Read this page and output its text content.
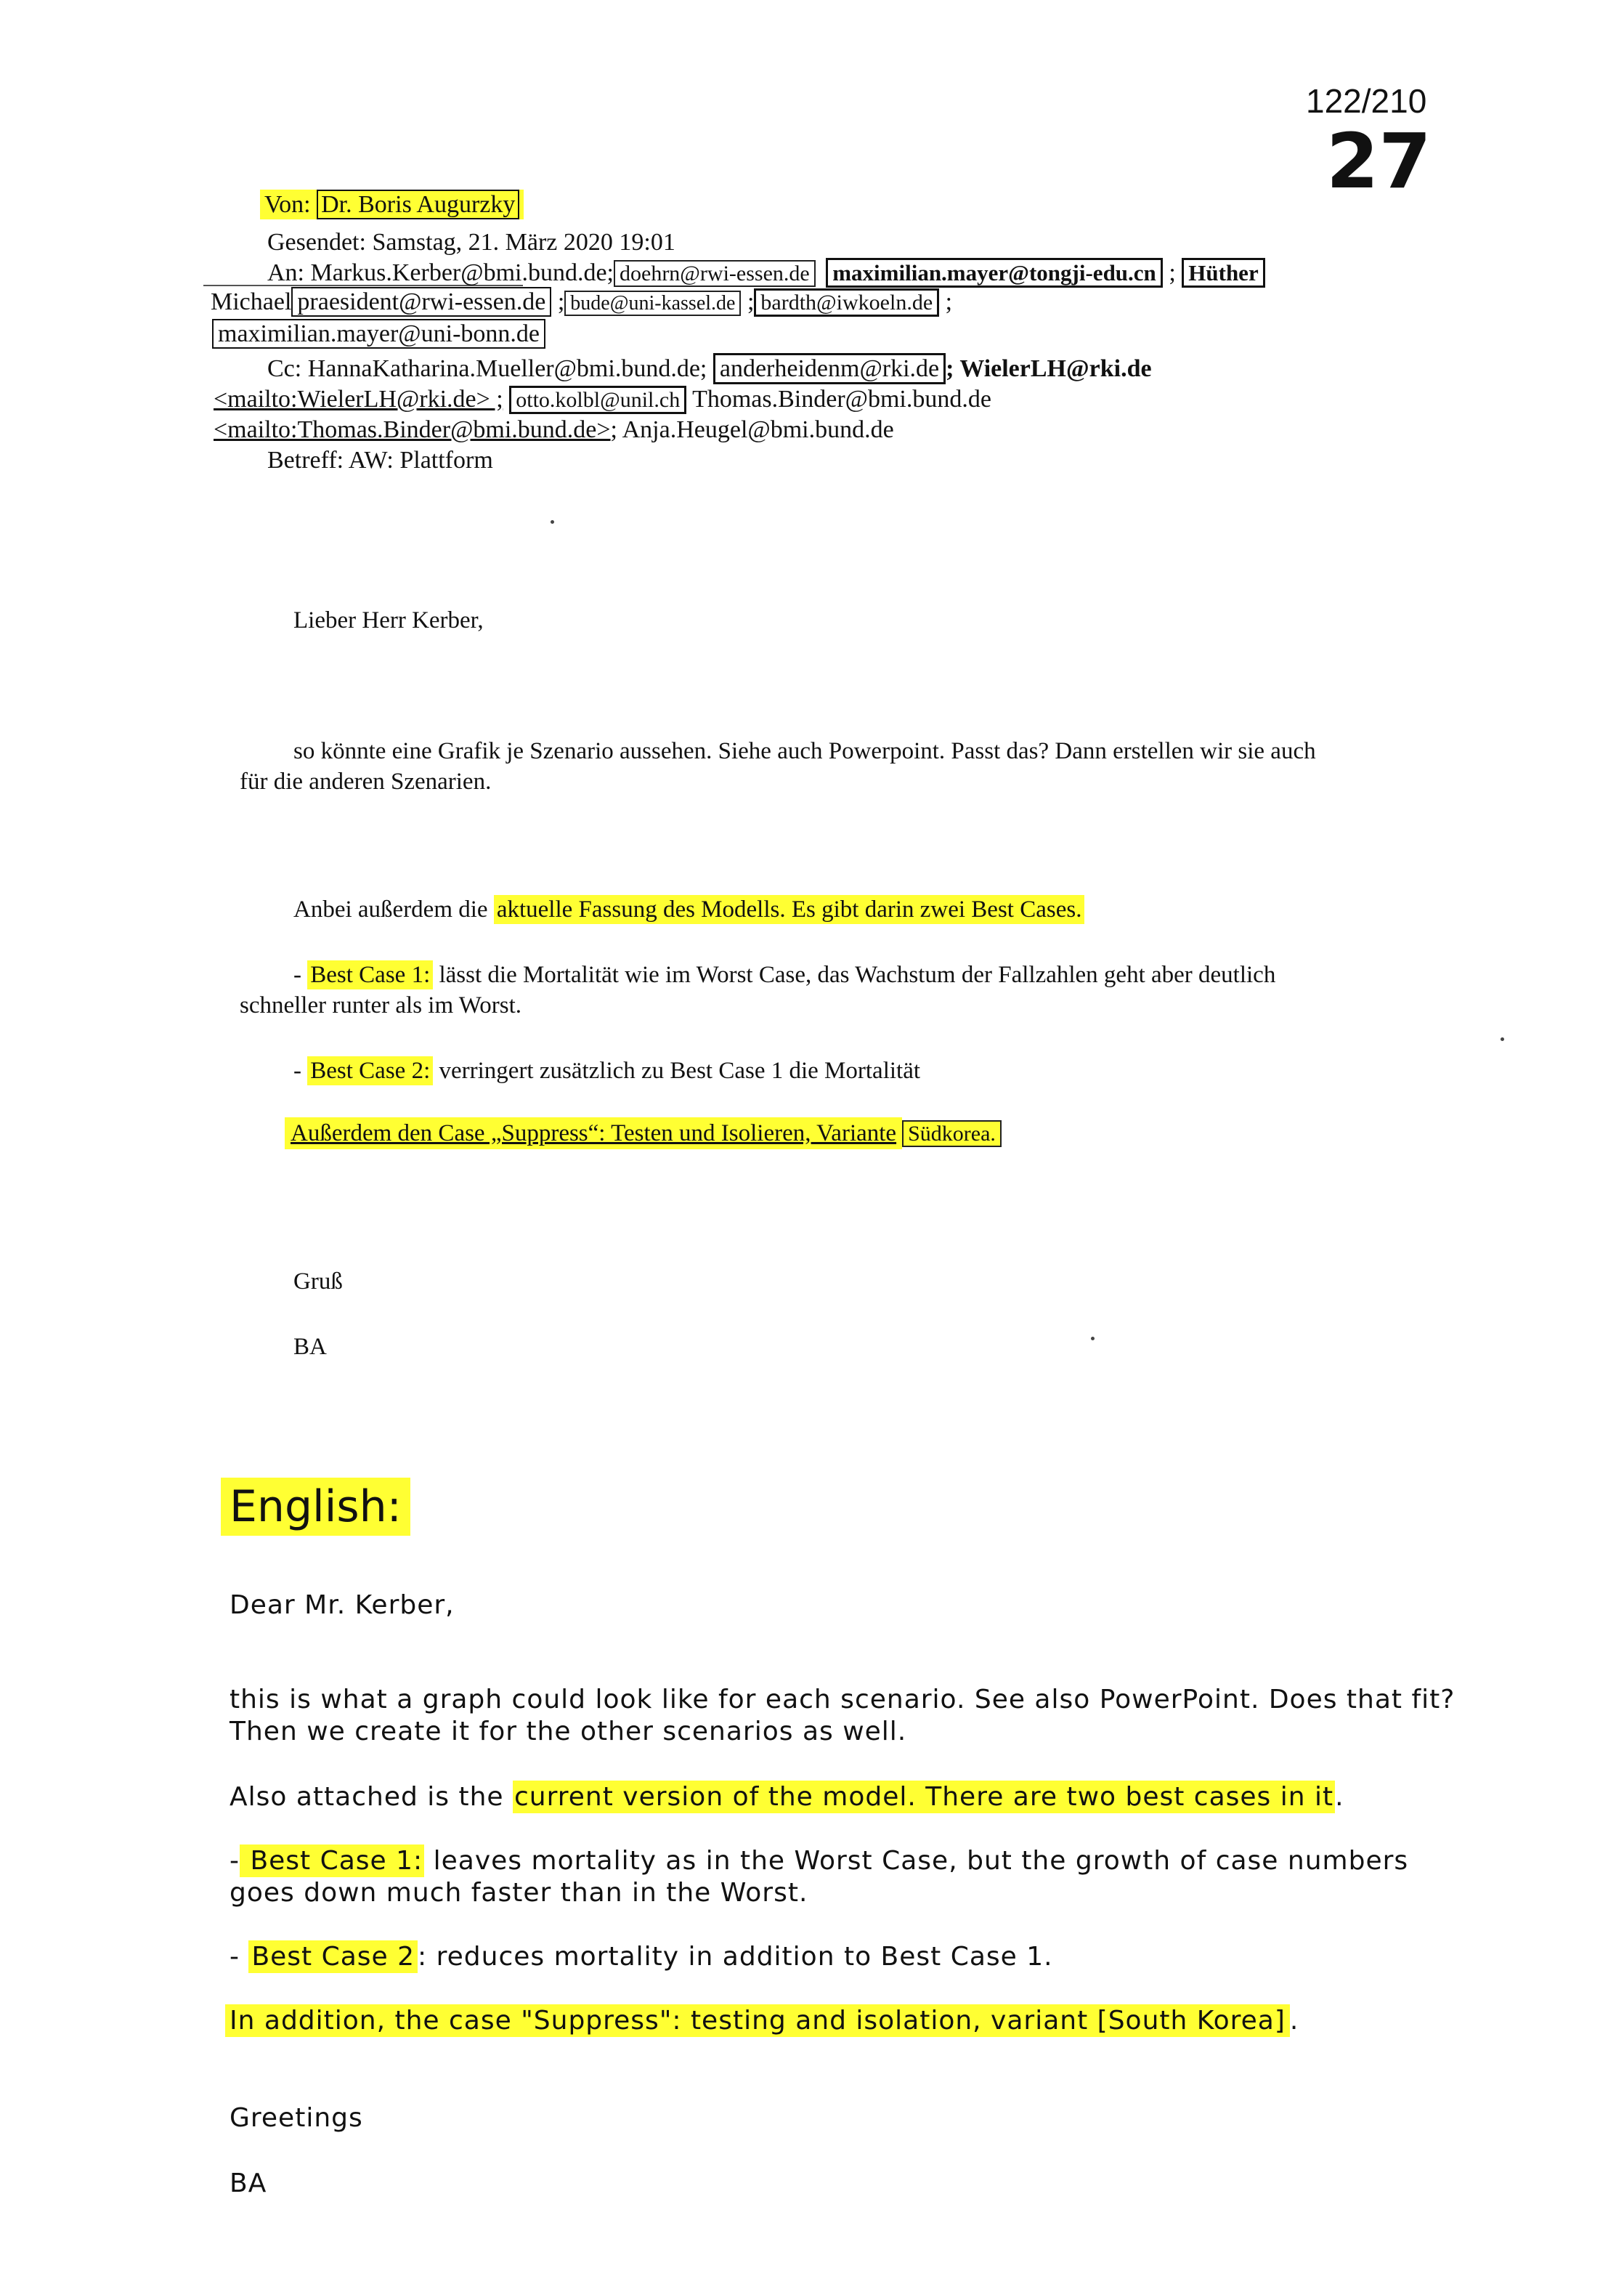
122/210
27
Von: Dr. Boris Augurzky
Gesendet: Samstag, 21. März 2020 19:01
An: Markus.Kerber@bmi.bund.de; doehrn@rwi-essen.de maximilian.mayer@tongji-edu.cn ; Hüther
Michael praesident@rwi-essen.de ; bude@uni-kassel.de ; bardth@iwkoeln.de ;
maximilian.mayer@uni-bonn.de
Cc: HannaKatharina.Mueller@bmi.bund.de; anderheidenm@rki.de ; WielerLH@rki.de
<mailto:WielerLH@rki.de> ; otto.kolbl@unil.ch Thomas.Binder@bmi.bund.de
<mailto:Thomas.Binder@bmi.bund.de>; Anja.Heugel@bmi.bund.de
Betreff: AW: Plattform
Lieber Herr Kerber,
so könnte eine Grafik je Szenario aussehen. Siehe auch Powerpoint. Passt das? Dann erstellen wir sie auch
für die anderen Szenarien.
Anbei außerdem die aktuelle Fassung des Modells. Es gibt darin zwei Best Cases.
- Best Case 1: lässt die Mortalität wie im Worst Case, das Wachstum der Fallzahlen geht aber deutlich
schneller runter als im Worst.
- Best Case 2: verringert zusätzlich zu Best Case 1 die Mortalität
Außerdem den Case „Suppress“: Testen und Isolieren, Variante Südkorea.
Gruß
BA
English:
Dear Mr. Kerber,
this is what a graph could look like for each scenario. See also PowerPoint. Does that fit?
Then we create it for the other scenarios as well.
Also attached is the current version of the model. There are two best cases in it.
- Best Case 1: leaves mortality as in the Worst Case, but the growth of case numbers
goes down much faster than in the Worst.
- Best Case 2 : reduces mortality in addition to Best Case 1.
In addition, the case "Suppress": testing and isolation, variant [South Korea] .
Greetings
BA
